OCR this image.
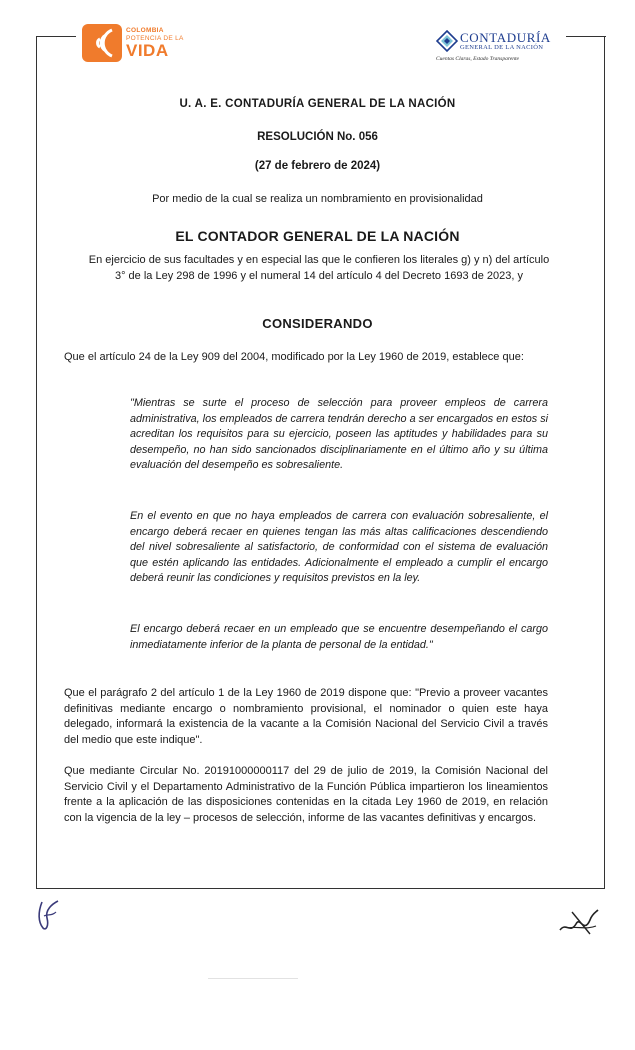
COLOMBIA
POTENCIA DE LA
VIDA
CONTADURÍA
GENERAL DE LA NACIÓN
Cuentas Claras, Estado Transparente
U. A. E. CONTADURÍA GENERAL DE LA NACIÓN
RESOLUCIÓN No. 056
(27 de febrero de 2024)
Por medio de la cual se realiza un nombramiento en provisionalidad
EL CONTADOR GENERAL DE LA NACIÓN
En ejercicio de sus facultades y en especial las que le confieren los literales g) y n) del artículo 3° de la Ley 298 de 1996 y el numeral 14 del artículo 4 del Decreto 1693 de 2023, y
CONSIDERANDO
Que el artículo 24 de la Ley 909 del 2004, modificado por la Ley 1960 de 2019, establece que:
"Mientras se surte el proceso de selección para proveer empleos de carrera administrativa, los empleados de carrera tendrán derecho a ser encargados en estos si acreditan los requisitos para su ejercicio, poseen las aptitudes y habilidades para su desempeño, no han sido sancionados disciplinariamente en el último año y su última evaluación del desempeño es sobresaliente.
En el evento en que no haya empleados de carrera con evaluación sobresaliente, el encargo deberá recaer en quienes tengan las más altas calificaciones descendiendo del nivel sobresaliente al satisfactorio, de conformidad con el sistema de evaluación que estén aplicando las entidades. Adicionalmente el empleado a cumplir el encargo deberá reunir las condiciones y requisitos previstos en la ley.
El encargo deberá recaer en un empleado que se encuentre desempeñando el cargo inmediatamente inferior de la planta de personal de la entidad."
Que el parágrafo 2 del artículo 1 de la Ley 1960 de 2019 dispone que: "Previo a proveer vacantes definitivas mediante encargo o nombramiento provisional, el nominador o quien este haya delegado, informará la existencia de la vacante a la Comisión Nacional del Servicio Civil a través del medio que este indique".
Que mediante Circular No. 20191000000117 del 29 de julio de 2019, la Comisión Nacional del Servicio Civil y el Departamento Administrativo de la Función Pública impartieron los lineamientos frente a la aplicación de las disposiciones contenidas en la citada Ley 1960 de 2019, en relación con la vigencia de la ley – procesos de selección, informe de las vacantes definitivas y encargos.
